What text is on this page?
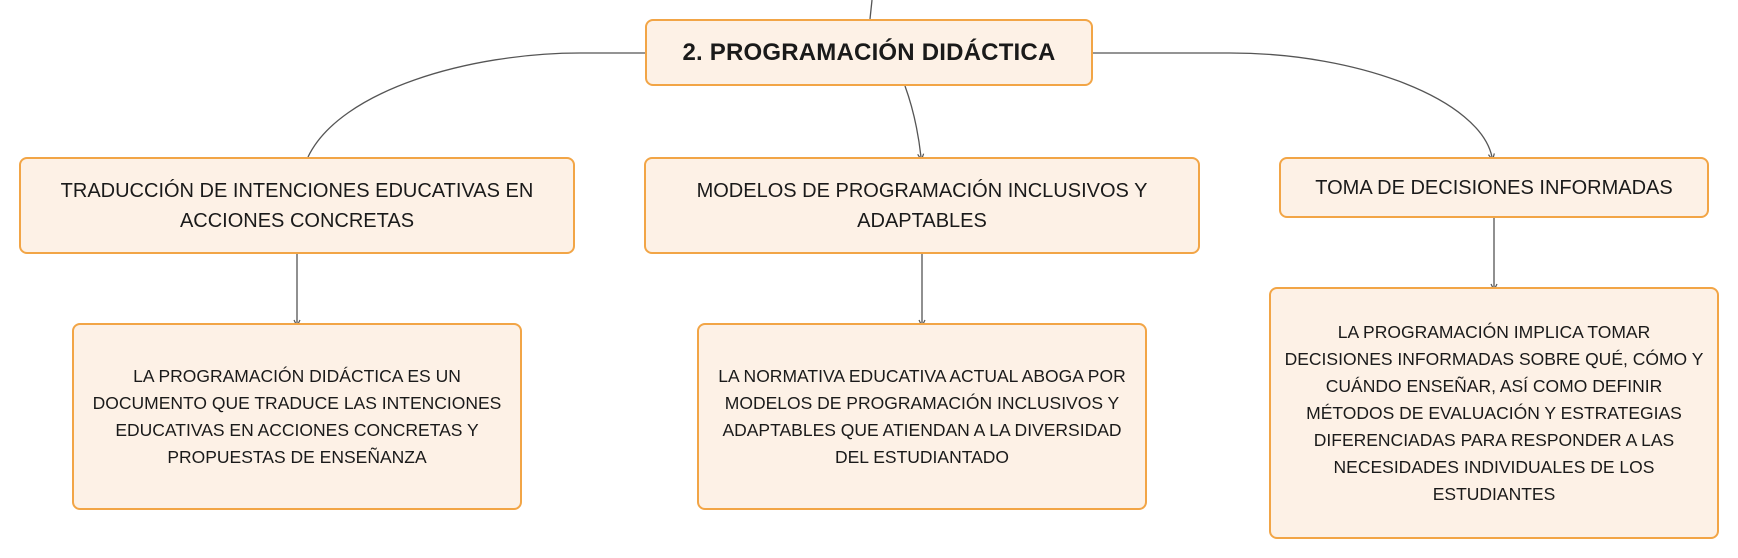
2. PROGRAMACIÓN DIDÁCTICA
TRADUCCIÓN DE INTENCIONES EDUCATIVAS EN ACCIONES CONCRETAS
MODELOS DE PROGRAMACIÓN INCLUSIVOS Y ADAPTABLES
TOMA DE DECISIONES INFORMADAS
LA PROGRAMACIÓN DIDÁCTICA ES UN DOCUMENTO QUE TRADUCE LAS INTENCIONES EDUCATIVAS EN ACCIONES CONCRETAS Y PROPUESTAS DE ENSEÑANZA
LA NORMATIVA EDUCATIVA ACTUAL ABOGA POR MODELOS DE PROGRAMACIÓN INCLUSIVOS Y ADAPTABLES QUE ATIENDAN A LA DIVERSIDAD DEL ESTUDIANTADO
LA PROGRAMACIÓN IMPLICA TOMAR DECISIONES INFORMADAS SOBRE QUÉ, CÓMO Y CUÁNDO ENSEÑAR, ASÍ COMO DEFINIR MÉTODOS DE EVALUACIÓN Y ESTRATEGIAS DIFERENCIADAS PARA RESPONDER A LAS NECESIDADES INDIVIDUALES DE LOS ESTUDIANTES
